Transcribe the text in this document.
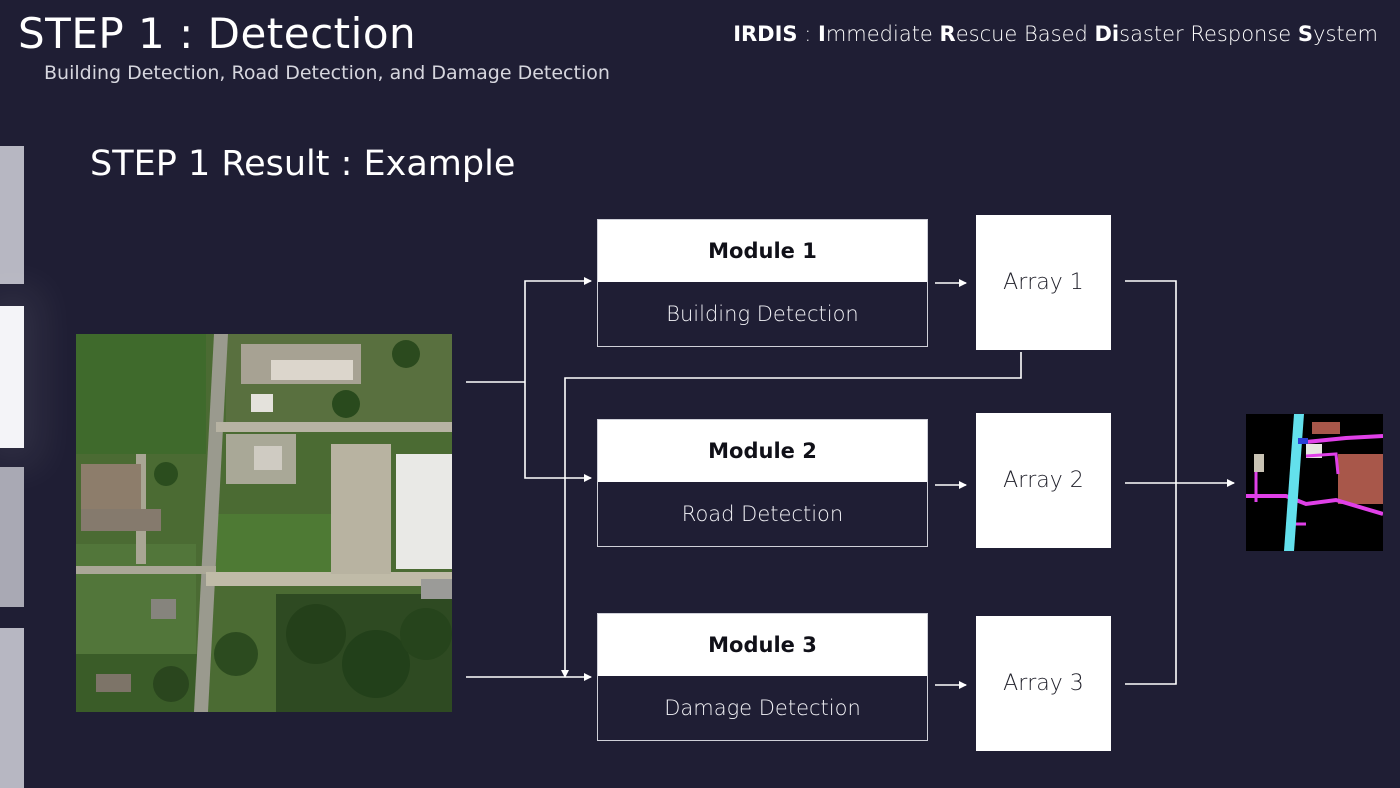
STEP 1 : Detection
Building Detection, Road Detection, and Damage Detection
IRDIS : Immediate Rescue Based Disaster Response System
STEP 1 Result : Example
Module 1
Building Detection
Module 2
Road Detection
Module 3
Damage Detection
Array 1
Array 2
Array 3
